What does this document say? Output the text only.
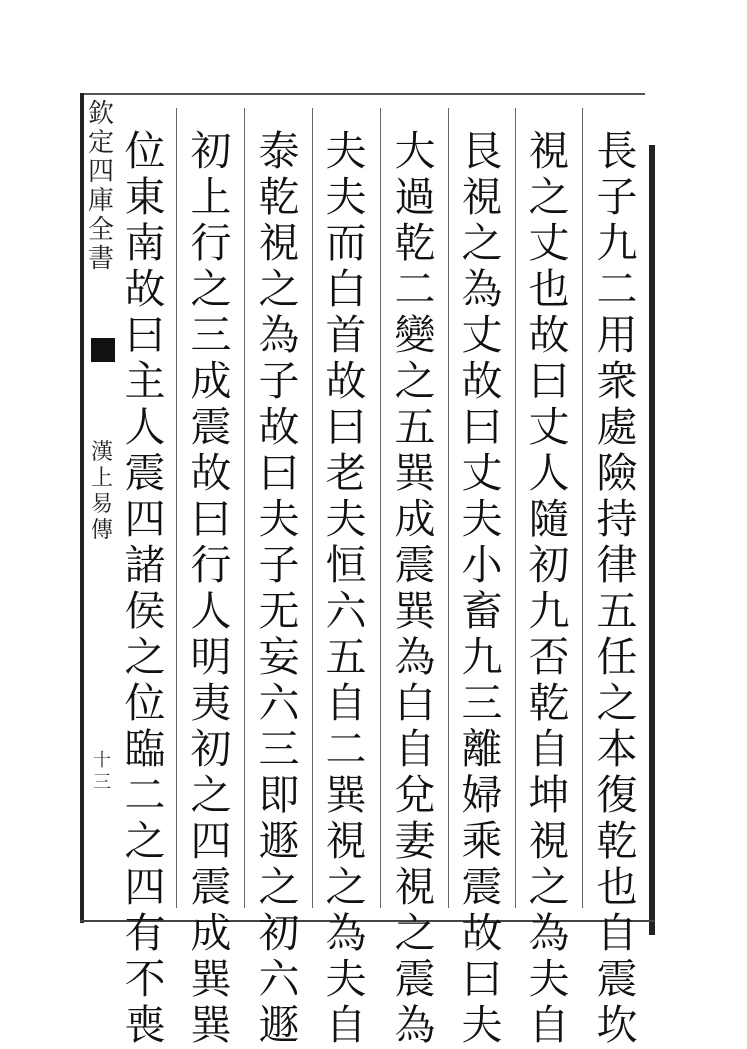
欽定四庫全書
漢上易傳
十三
長子九二用衆處險持律五任之本復乾也自震坎
視之丈也故曰丈人隨初九否乾自坤視之為夫自
艮視之為丈故曰丈夫小畜九三離婦乘震故曰夫
大過乾二變之五巽成震巽為白自兌妻視之震為
夫夫而白首故曰老夫恒六五自二巽視之為夫自
泰乾視之為子故曰夫子无妄六三即遯之初六遯
初上行之三成震故曰行人明夷初之四震成巽巽
位東南故曰主人震四諸侯之位臨二之四有不喪
